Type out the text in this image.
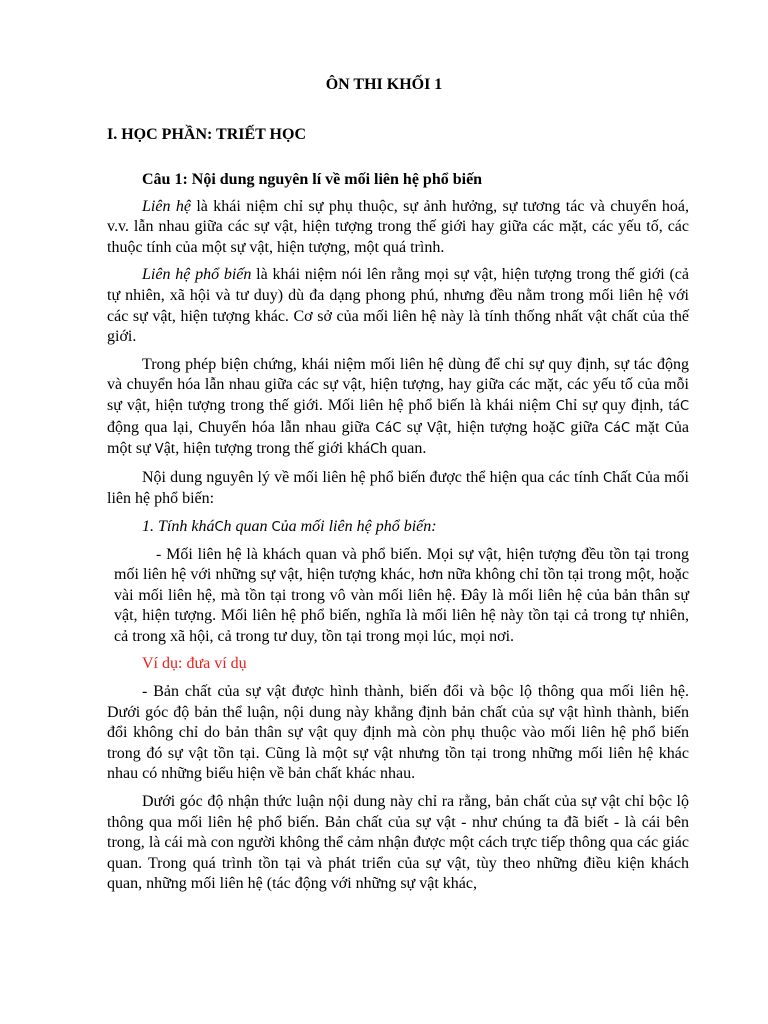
ÔN THI KHỐI 1
I. HỌC PHẦN: TRIẾT HỌC
Câu 1: Nội dung nguyên lí về mối liên hệ phổ biến

Liên hệ là khái niệm chỉ sự phụ thuộc, sự ảnh hưởng, sự tương tác và chuyển hoá, v.v. lẫn nhau giữa các sự vật, hiện tượng trong thế giới hay giữa các mặt, các yếu tố, các thuộc tính của một sự vật, hiện tượng, một quá trình.

Liên hệ phổ biến là khái niệm nói lên rằng mọi sự vật, hiện tượng trong thế giới (cả tự nhiên, xã hội và tư duy) dù đa dạng phong phú, nhưng đều nằm trong mối liên hệ với các sự vật, hiện tượng khác. Cơ sở của mối liên hệ này là tính thống nhất vật chất của thế giới.

Trong phép biện chứng, khái niệm mối liên hệ dùng để chỉ sự quy định, sự tác động và chuyển hóa lẫn nhau giữa các sự vật, hiện tượng, hay giữa các mặt, các yếu tố của mỗi sự vật, hiện tượng trong thế giới. Mối liên hệ phổ biến là khái niệm Chỉ sự quy định, táC động qua lại, Chuyển hóa lẫn nhau giữa CáC sự Vật, hiện tượng hoặC giữa CáC mặt Của một sự Vật, hiện tượng trong thế giới kháCh quan.

Nội dung nguyên lý về mối liên hệ phổ biến được thể hiện qua các tính Chất Của mối liên hệ phổ biến:

1. Tính kháCh quan Của mối liên hệ phổ biến:

- Mối liên hệ là khách quan và phổ biến. Mọi sự vật, hiện tượng đều tồn tại trong mối liên hệ với những sự vật, hiện tượng khác, hơn nữa không chỉ tồn tại trong một, hoặc vài mối liên hệ, mà tồn tại trong vô vàn mối liên hệ. Đây là mối liên hệ của bản thân sự vật, hiện tượng. Mối liên hệ phổ biến, nghĩa là mối liên hệ này tồn tại cả trong tự nhiên, cả trong xã hội, cả trong tư duy, tồn tại trong mọi lúc, mọi nơi.

Ví dụ: đưa ví dụ

- Bản chất của sự vật được hình thành, biến đổi và bộc lộ thông qua mối liên hệ. Dưới góc độ bản thể luận, nội dung này khẳng định bản chất của sự vật hình thành, biến đổi không chỉ do bản thân sự vật quy định mà còn phụ thuộc vào mối liên hệ phổ biến trong đó sự vật tồn tại. Cũng là một sự vật nhưng tồn tại trong những mối liên hệ khác nhau có những biểu hiện về bản chất khác nhau.

Dưới góc độ nhận thức luận nội dung này chỉ ra rằng, bản chất của sự vật chỉ bộc lộ thông qua mối liên hệ phổ biến. Bản chất của sự vật - như chúng ta đã biết - là cái bên trong, là cái mà con người không thể cảm nhận được một cách trực tiếp thông qua các giác quan. Trong quá trình tồn tại và phát triển của sự vật, tùy theo những điều kiện khách quan, những mối liên hệ (tác động với những sự vật khác,
